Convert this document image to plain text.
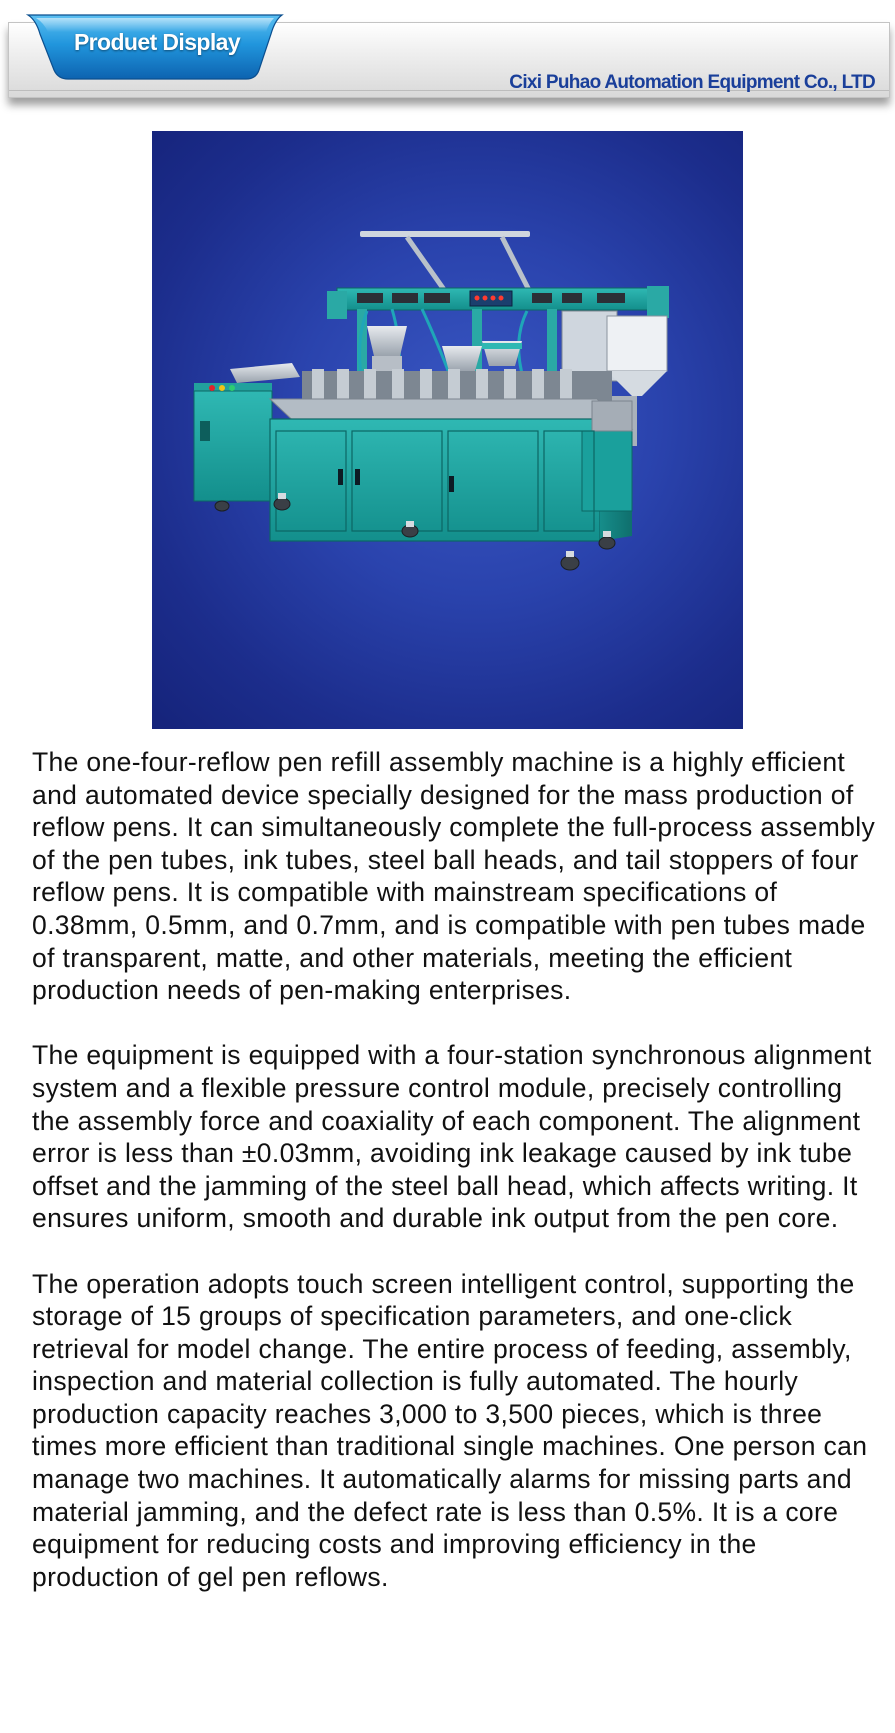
Cixi Puhao Automation Equipment Co., LTD
Produet Display

The one-four-reflow pen refill assembly machine is a highly efficient and automated device specially designed for the mass production of reflow pens. It can simultaneously complete the full-process assembly of the pen tubes, ink tubes, steel ball heads, and tail stoppers of four reflow pens. It is compatible with mainstream specifications of 0.38mm, 0.5mm, and 0.7mm, and is compatible with pen tubes made of transparent, matte, and other materials, meeting the efficient production needs of pen-making enterprises.

The equipment is equipped with a four-station synchronous alignment system and a flexible pressure control module, precisely controlling the assembly force and coaxiality of each component. The alignment error is less than ±0.03mm, avoiding ink leakage caused by ink tube offset and the jamming of the steel ball head, which affects writing. It ensures uniform, smooth and durable ink output from the pen core.

The operation adopts touch screen intelligent control, supporting the storage of 15 groups of specification parameters, and one-click retrieval for model change. The entire process of feeding, assembly, inspection and material collection is fully automated. The hourly production capacity reaches 3,000 to 3,500 pieces, which is three times more efficient than traditional single machines. One person can manage two machines. It automatically alarms for missing parts and material jamming, and the defect rate is less than 0.5%. It is a core equipment for reducing costs and improving efficiency in the production of gel pen reflows.
